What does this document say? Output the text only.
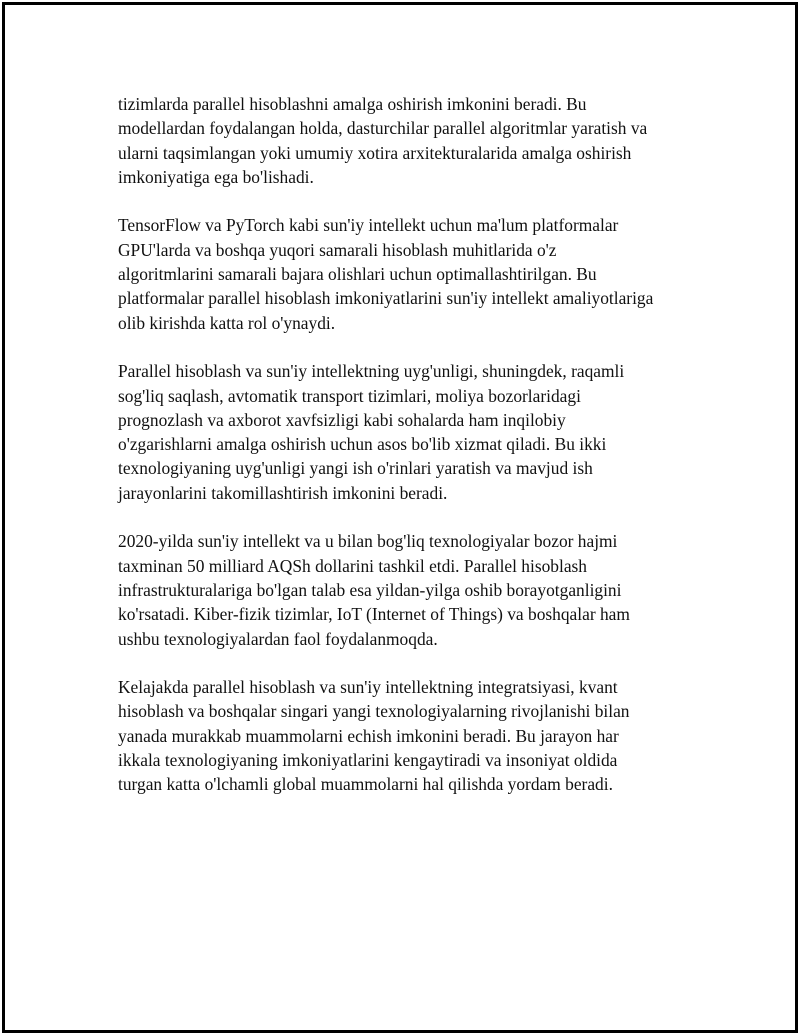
tizimlarda parallel hisoblashni amalga oshirish imkonini beradi. Bu
modellardan foydalangan holda, dasturchilar parallel algoritmlar yaratish va
ularni taqsimlangan yoki umumiy xotira arxitekturalarida amalga oshirish
imkoniyatiga ega bo'lishadi.

TensorFlow va PyTorch kabi sun'iy intellekt uchun ma'lum platformalar
GPU'larda va boshqa yuqori samarali hisoblash muhitlarida o'z
algoritmlarini samarali bajara olishlari uchun optimallashtirilgan. Bu
platformalar parallel hisoblash imkoniyatlarini sun'iy intellekt amaliyotlariga
olib kirishda katta rol o'ynaydi.

Parallel hisoblash va sun'iy intellektning uyg'unligi, shuningdek, raqamli
sog'liq saqlash, avtomatik transport tizimlari, moliya bozorlaridagi
prognozlash va axborot xavfsizligi kabi sohalarda ham inqilobiy
o'zgarishlarni amalga oshirish uchun asos bo'lib xizmat qiladi. Bu ikki
texnologiyaning uyg'unligi yangi ish o'rinlari yaratish va mavjud ish
jarayonlarini takomillashtirish imkonini beradi.

2020-yilda sun'iy intellekt va u bilan bog'liq texnologiyalar bozor hajmi
taxminan 50 milliard AQSh dollarini tashkil etdi. Parallel hisoblash
infrastrukturalariga bo'lgan talab esa yildan-yilga oshib borayotganligini
ko'rsatadi. Kiber-fizik tizimlar, IoT (Internet of Things) va boshqalar ham
ushbu texnologiyalardan faol foydalanmoqda.

Kelajakda parallel hisoblash va sun'iy intellektning integratsiyasi, kvant
hisoblash va boshqalar singari yangi texnologiyalarning rivojlanishi bilan
yanada murakkab muammolarni echish imkonini beradi. Bu jarayon har
ikkala texnologiyaning imkoniyatlarini kengaytiradi va insoniyat oldida
turgan katta o'lchamli global muammolarni hal qilishda yordam beradi.
